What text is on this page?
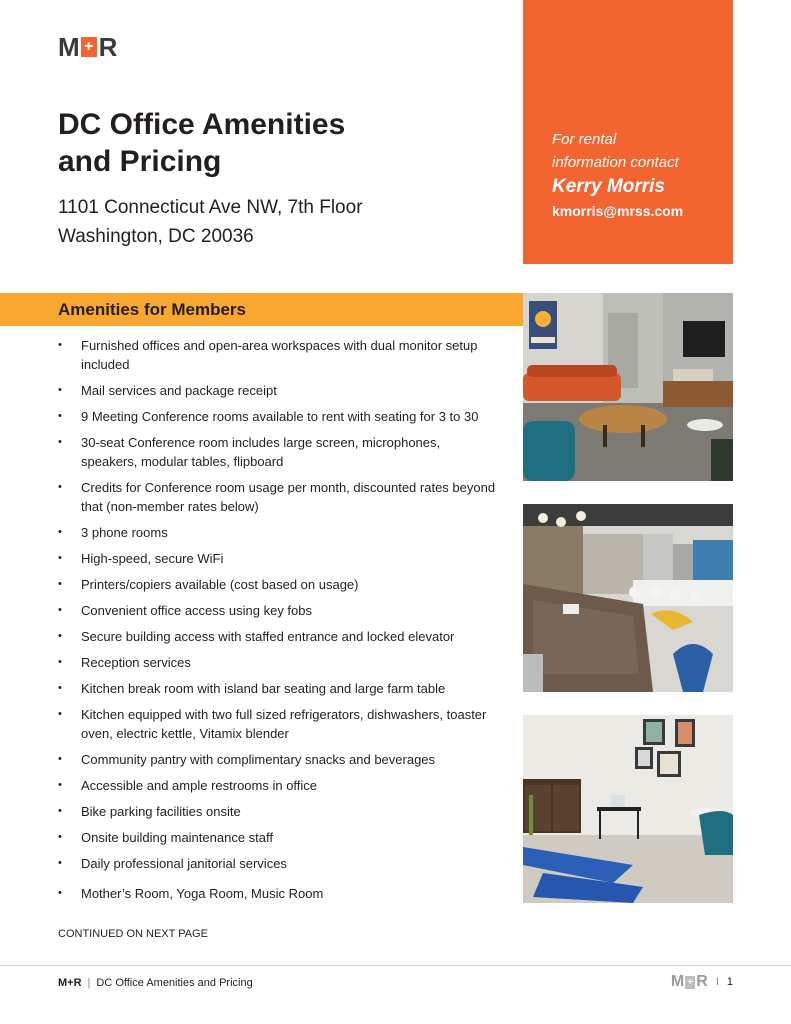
M + R
DC Office Amenities
and Pricing
1101 Connecticut Ave NW, 7th Floor
Washington, DC 20036
For rental
information contact
Kerry Morris
kmorris@mrss.com
Amenities for Members
• Furnished offices and open-area workspaces with dual monitor setup included
• Mail services and package receipt
• 9 Meeting Conference rooms available to rent with seating for 3 to 30
• 30-seat Conference room includes large screen, microphones, speakers, modular tables, flipboard
• Credits for Conference room usage per month, discounted rates beyond that (non-member rates below)
• 3 phone rooms
• High-speed, secure WiFi
• Printers/copiers available (cost based on usage)
• Convenient office access using key fobs
• Secure building access with staffed entrance and locked elevator
• Reception services
• Kitchen break room with island bar seating and large farm table
• Kitchen equipped with two full sized refrigerators, dishwashers, toaster oven, electric kettle, Vitamix blender
• Community pantry with complimentary snacks and beverages
• Accessible and ample restrooms in office
• Bike parking facilities onsite
• Onsite building maintenance staff
• Daily professional janitorial services
• Mother’s Room, Yoga Room, Music Room
CONTINUED ON NEXT PAGE
M+R | DC Office Amenities and Pricing	M + R I 1
